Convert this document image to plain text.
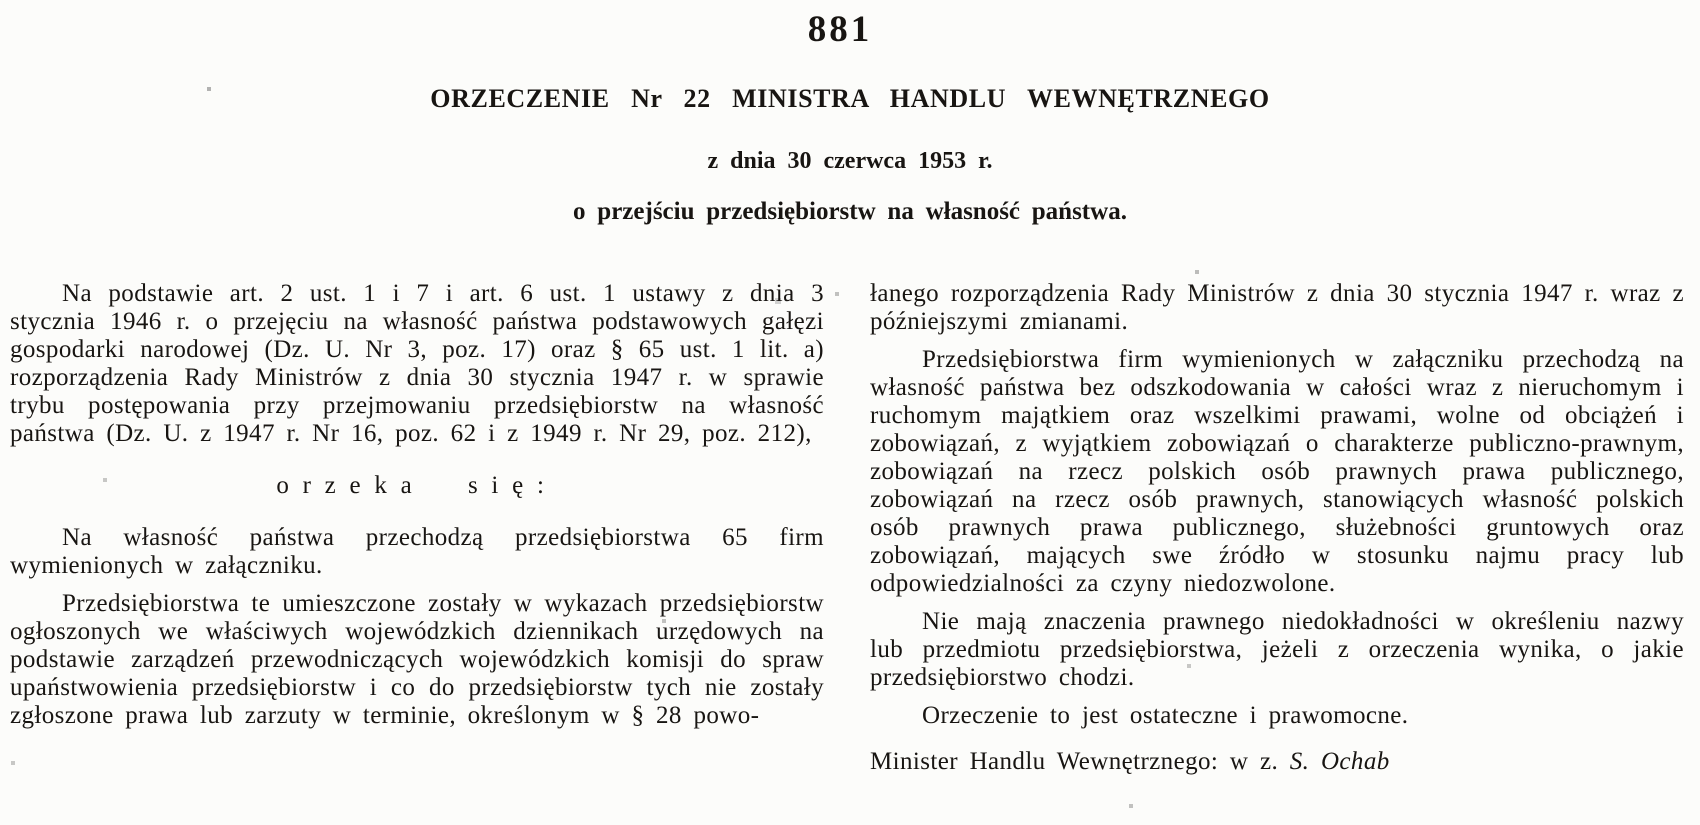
881
ORZECZENIE Nr 22 MINISTRA HANDLU WEWNĘTRZNEGO
z dnia 30 czerwca 1953 r.
o przejściu przedsiębiorstw na własność państwa.

Na podstawie art. 2 ust. 1 i 7 i art. 6 ust. 1 ustawy z dnia 3 stycznia 1946 r. o przejęciu na własność państwa podstawowych gałęzi gospodarki narodowej (Dz. U. Nr 3, poz. 17) oraz § 65 ust. 1 lit. a) rozporządzenia Rady Ministrów z dnia 30 stycznia 1947 r. w sprawie trybu postępowania przy przejmowaniu przedsiębiorstw na własność państwa (Dz. U. z 1947 r. Nr 16, poz. 62 i z 1949 r. Nr 29, poz. 212),

orzeka się:

Na własność państwa przechodzą przedsiębiorstwa 65 firm wymienionych w załączniku.

Przedsiębiorstwa te umieszczone zostały w wykazach przedsiębiorstw ogłoszonych we właściwych wojewódzkich dziennikach urzędowych na podstawie zarządzeń przewodniczących wojewódzkich komisji do spraw upaństwowienia przedsiębiorstw i co do przedsiębiorstw tych nie zostały zgłoszone prawa lub zarzuty w terminie, określonym w § 28 powo-

łanego rozporządzenia Rady Ministrów z dnia 30 stycznia 1947 r. wraz z późniejszymi zmianami.

Przedsiębiorstwa firm wymienionych w załączniku przechodzą na własność państwa bez odszkodowania w całości wraz z nieruchomym i ruchomym majątkiem oraz wszelkimi prawami, wolne od obciążeń i zobowiązań, z wyjątkiem zobowiązań o charakterze publiczno-prawnym, zobowiązań na rzecz polskich osób prawnych prawa publicznego, zobowiązań na rzecz osób prawnych, stanowiących własność polskich osób prawnych prawa publicznego, służebności gruntowych oraz zobowiązań, mających swe źródło w stosunku najmu pracy lub odpowiedzialności za czyny niedozwolone.

Nie mają znaczenia prawnego niedokładności w określeniu nazwy lub przedmiotu przedsiębiorstwa, jeżeli z orzeczenia wynika, o jakie przedsiębiorstwo chodzi.

Orzeczenie to jest ostateczne i prawomocne.

Minister Handlu Wewnętrznego: w z. S. Ochab
